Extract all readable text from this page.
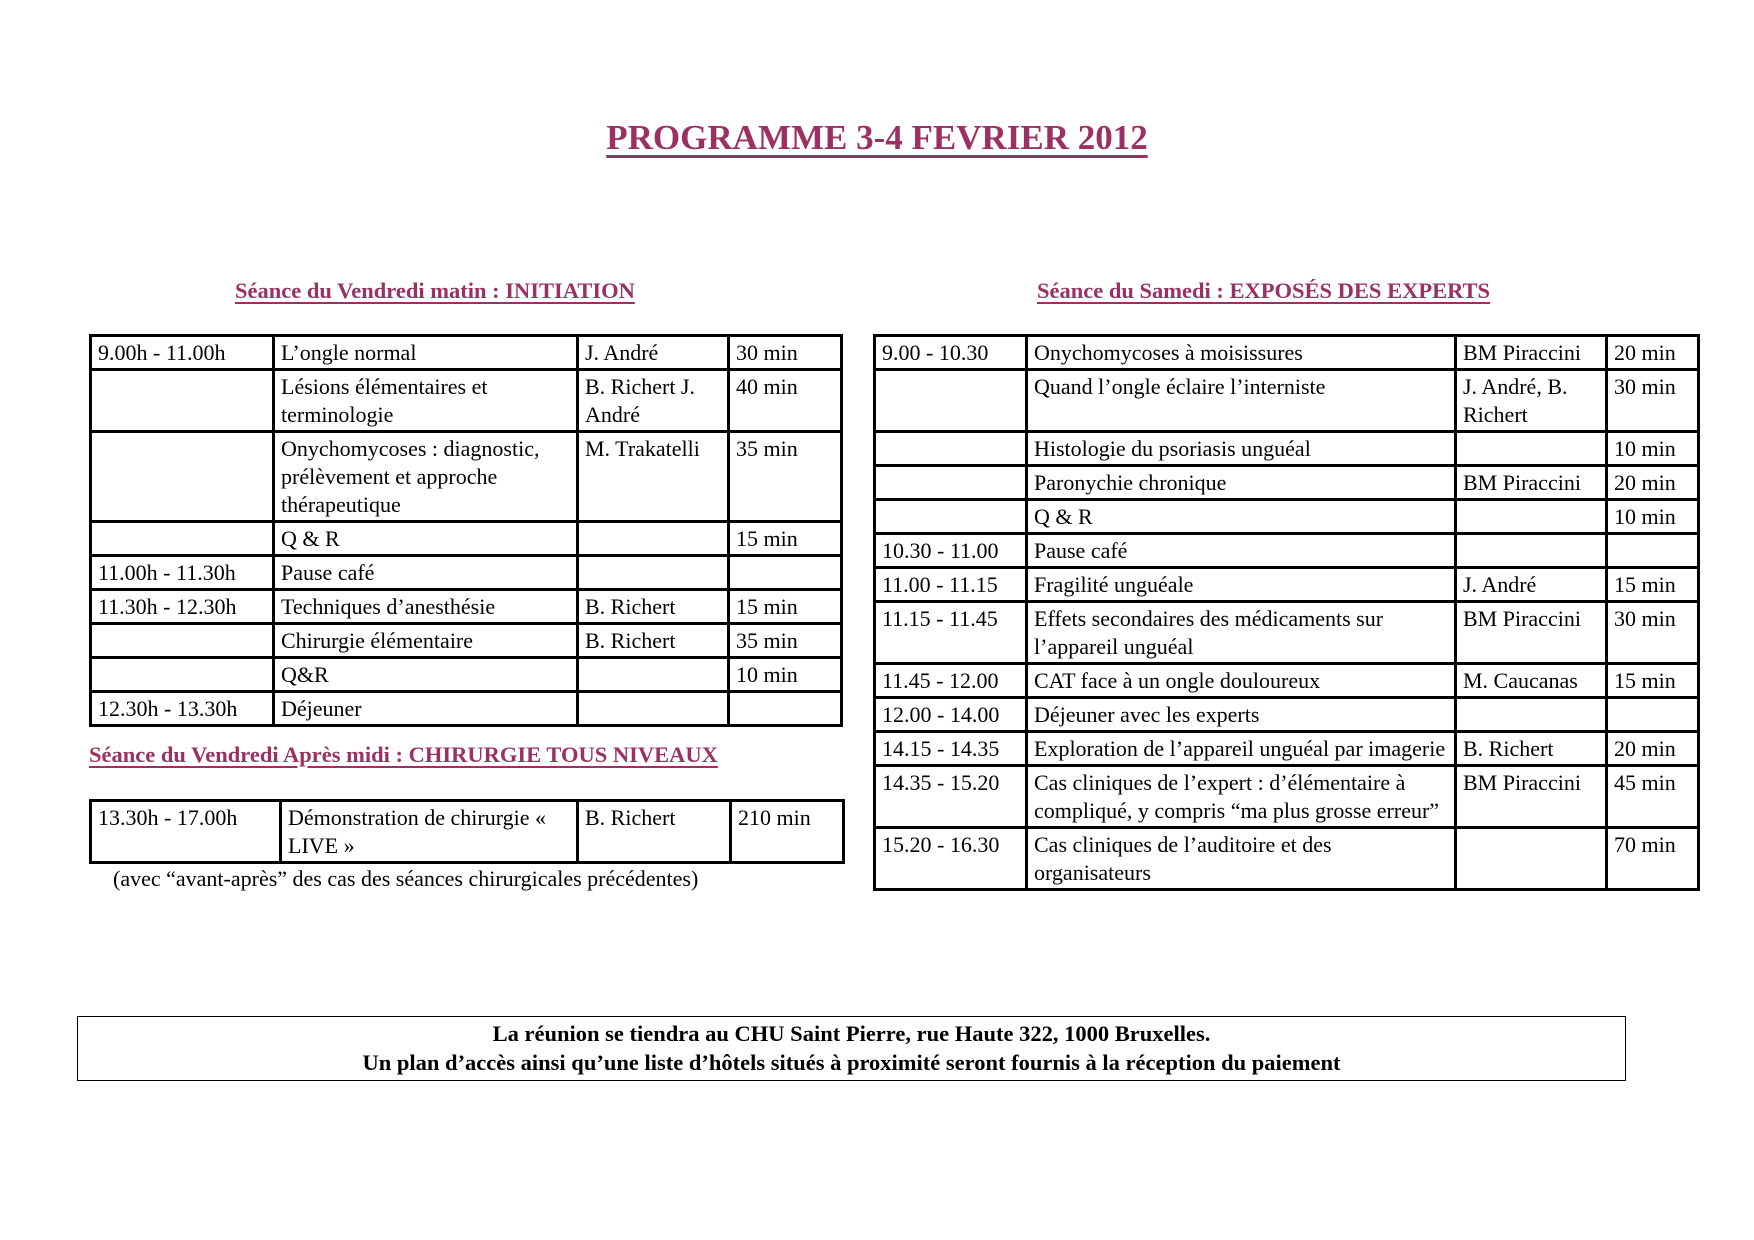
PROGRAMME 3-4 FEVRIER 2012
Séance du Vendredi matin : INITIATION
9.00h - 11.00h	L’ongle normal	J. André	30 min
	Lésions élémentaires et terminologie	B. Richert J. André	40 min
	Onychomycoses : diagnostic, prélèvement et approche thérapeutique	M. Trakatelli	35 min
	Q & R		15 min
11.00h - 11.30h	Pause café		
11.30h - 12.30h	Techniques d’anesthésie	B. Richert	15 min
	Chirurgie élémentaire	B. Richert	35 min
	Q&R		10 min
12.30h - 13.30h	Déjeuner		
Séance du Vendredi Après midi : CHIRURGIE TOUS NIVEAUX
13.30h - 17.00h	Démonstration de chirurgie « LIVE »	B. Richert	210 min
(avec “avant-après” des cas des séances chirurgicales précédentes)
Séance du Samedi : EXPOSÉS DES EXPERTS
9.00 - 10.30	Onychomycoses à moisissures	BM Piraccini	20 min
	Quand l’ongle éclaire l’interniste	J. André, B. Richert	30 min
	Histologie du psoriasis unguéal		10 min
	Paronychie chronique	BM Piraccini	20 min
	Q & R		10 min
10.30 - 11.00	Pause café		
11.00 - 11.15	Fragilité unguéale	J. André	15 min
11.15 - 11.45	Effets secondaires des médicaments sur l’appareil unguéal	BM Piraccini	30 min
11.45 - 12.00	CAT face à un ongle douloureux	M. Caucanas	15 min
12.00 - 14.00	Déjeuner avec les experts		
14.15 - 14.35	Exploration de l’appareil unguéal par imagerie	B. Richert	20 min
14.35 - 15.20	Cas cliniques de l’expert : d’élémentaire à compliqué, y compris “ma plus grosse erreur”	BM Piraccini	45 min
15.20 - 16.30	Cas cliniques de l’auditoire et des organisateurs		70 min
La réunion se tiendra au CHU Saint Pierre, rue Haute 322, 1000 Bruxelles.
Un plan d’accès ainsi qu’une liste d’hôtels situés à proximité seront fournis à la réception du paiement
